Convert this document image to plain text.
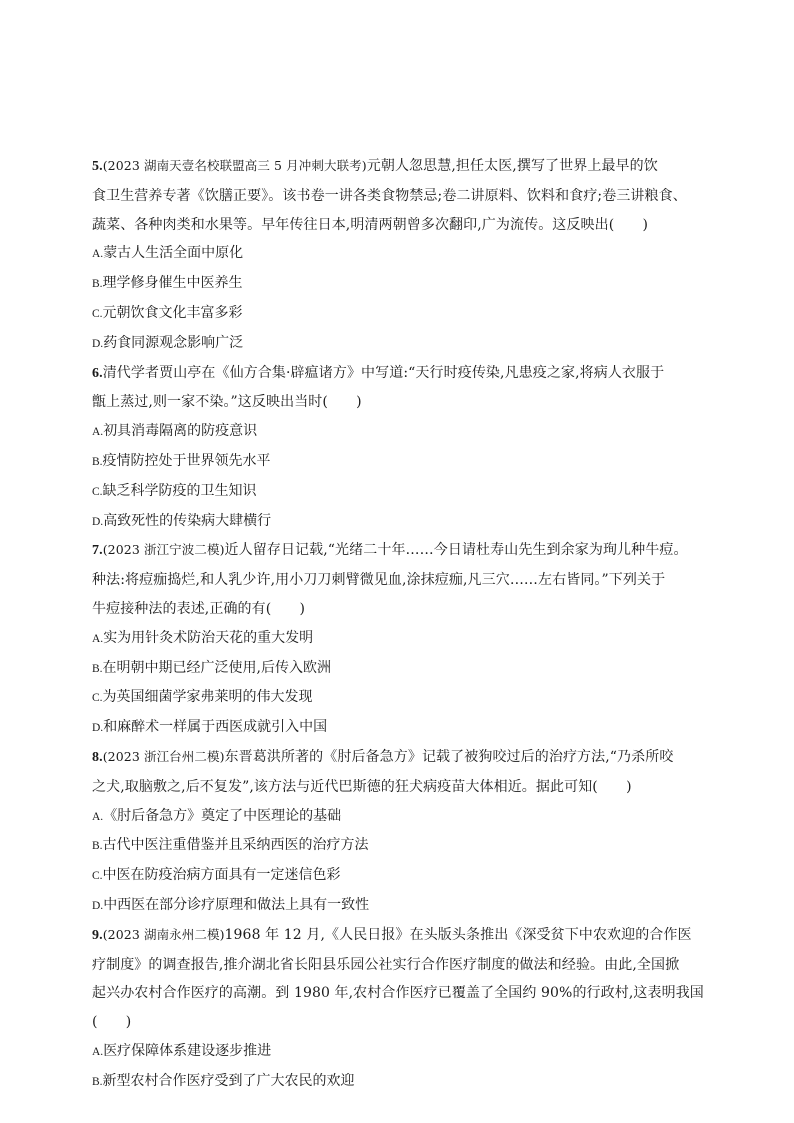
5.(2023 湖南天壹名校联盟高三 5 月冲刺大联考)元朝人忽思慧,担任太医,撰写了世界上最早的饮
食卫生营养专著《饮膳正要》。该书卷一讲各类食物禁忌;卷二讲原料、饮料和食疗;卷三讲粮食、
蔬菜、各种肉类和水果等。早年传往日本,明清两朝曾多次翻印,广为流传。这反映出(　　)

A.蒙古人生活全面中原化

B.理学修身催生中医养生

C.元朝饮食文化丰富多彩

D.药食同源观念影响广泛

6.清代学者贾山亭在《仙方合集·辟瘟诸方》中写道:“天行时疫传染,凡患疫之家,将病人衣服于
甑上蒸过,则一家不染。”这反映出当时(　　)

A.初具消毒隔离的防疫意识

B.疫情防控处于世界领先水平

C.缺乏科学防疫的卫生知识

D.高致死性的传染病大肆横行

7.(2023 浙江宁波二模)近人留存日记载,“光绪二十年……今日请杜寿山先生到余家为珣儿种牛痘。
种法:将痘痂捣烂,和人乳少许,用小刀刀刺臂微见血,涂抹痘痂,凡三穴……左右皆同。”下列关于
牛痘接种法的表述,正确的有(　　)

A.实为用针灸术防治天花的重大发明

B.在明朝中期已经广泛使用,后传入欧洲

C.为英国细菌学家弗莱明的伟大发现

D.和麻醉术一样属于西医成就引入中国

8.(2023 浙江台州二模)东晋葛洪所著的《肘后备急方》记载了被狗咬过后的治疗方法,“乃杀所咬
之犬,取脑敷之,后不复发”,该方法与近代巴斯德的狂犬病疫苗大体相近。据此可知(　　)

A.《肘后备急方》奠定了中医理论的基础

B.古代中医注重借鉴并且采纳西医的治疗方法

C.中医在防疫治病方面具有一定迷信色彩

D.中西医在部分诊疗原理和做法上具有一致性

9.(2023 湖南永州二模)1968 年 12 月,《人民日报》在头版头条推出《深受贫下中农欢迎的合作医
疗制度》的调查报告,推介湖北省长阳县乐园公社实行合作医疗制度的做法和经验。由此,全国掀
起兴办农村合作医疗的高潮。到 1980 年,农村合作医疗已覆盖了全国约 90%的行政村,这表明我国
(　　)

A.医疗保障体系建设逐步推进

B.新型农村合作医疗受到了广大农民的欢迎
